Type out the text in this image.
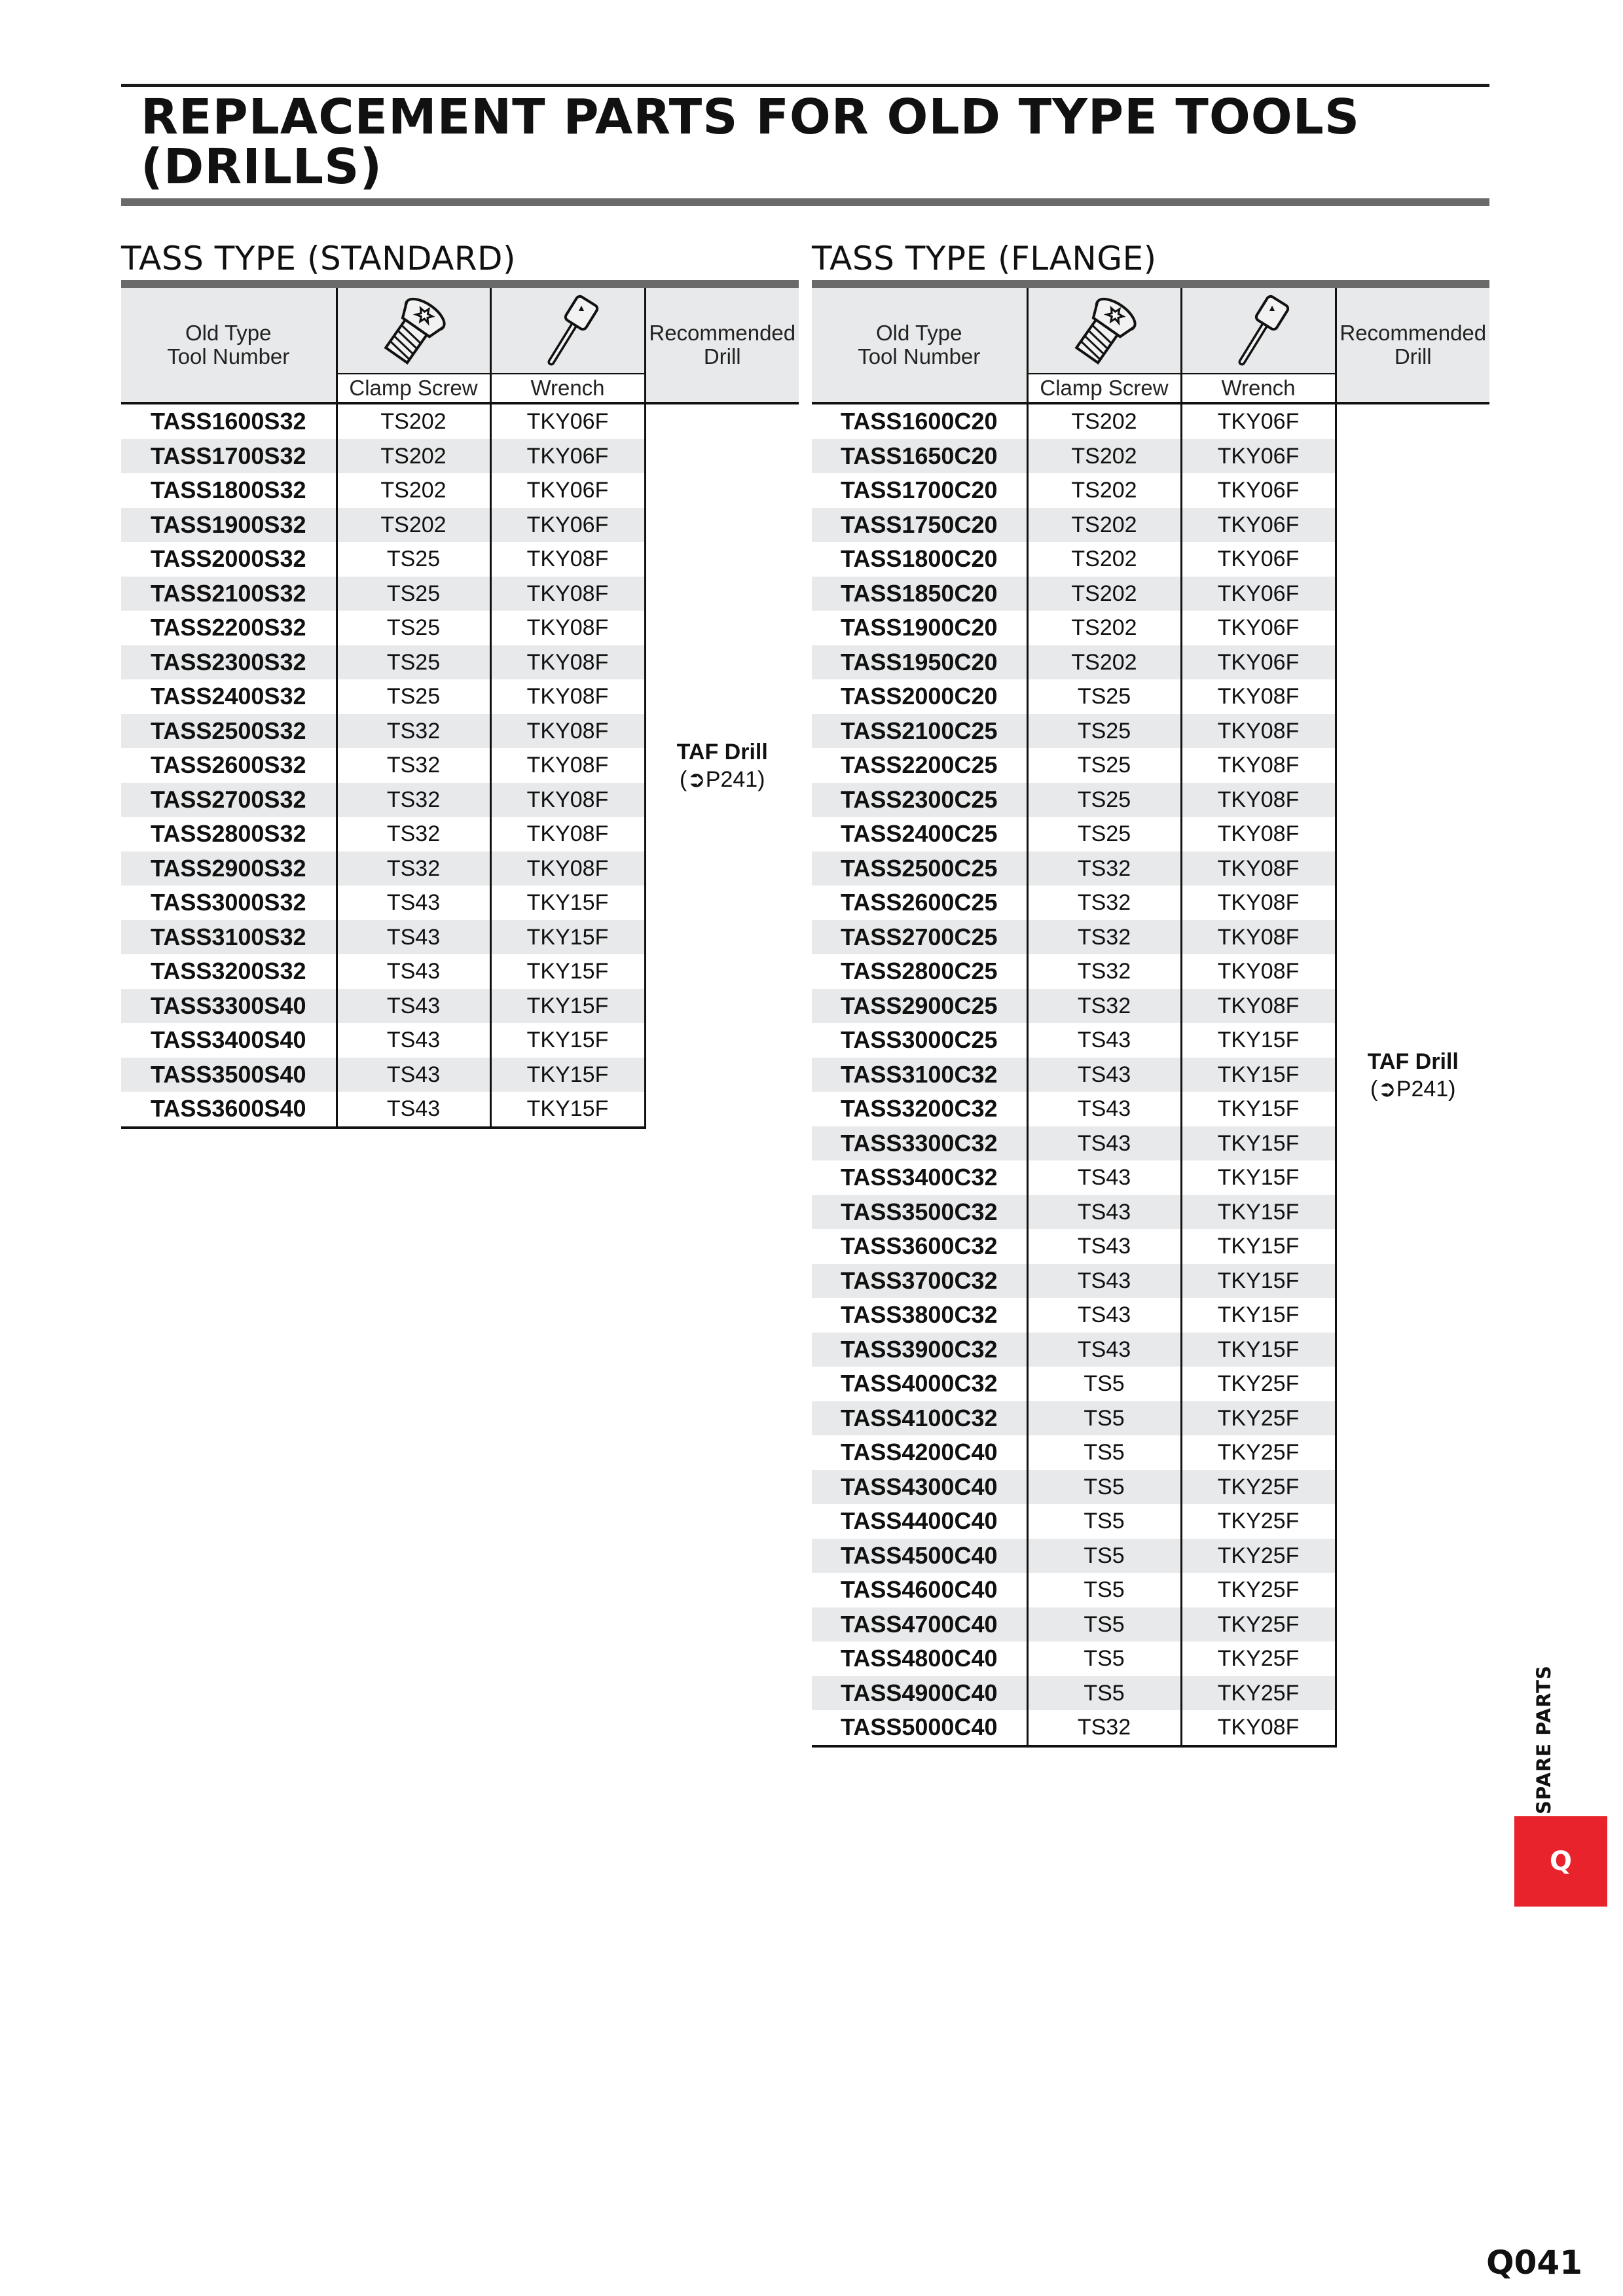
REPLACEMENT PARTS FOR OLD TYPE TOOLS
(DRILLS)
TASS TYPE (STANDARD)
Old Type
Tool Number			Recommended
Drill
	Clamp Screw	Wrench	
TASS1600S32	TS202	TKY06F	TAF Drill
(➲P241)
TASS1700S32	TS202	TKY06F	
TASS1800S32	TS202	TKY06F	
TASS1900S32	TS202	TKY06F	
TASS2000S32	TS25	TKY08F	
TASS2100S32	TS25	TKY08F	
TASS2200S32	TS25	TKY08F	
TASS2300S32	TS25	TKY08F	
TASS2400S32	TS25	TKY08F	
TASS2500S32	TS32	TKY08F	
TASS2600S32	TS32	TKY08F	
TASS2700S32	TS32	TKY08F	
TASS2800S32	TS32	TKY08F	
TASS2900S32	TS32	TKY08F	
TASS3000S32	TS43	TKY15F	
TASS3100S32	TS43	TKY15F	
TASS3200S32	TS43	TKY15F	
TASS3300S40	TS43	TKY15F	
TASS3400S40	TS43	TKY15F	
TASS3500S40	TS43	TKY15F	
TASS3600S40	TS43	TKY15F	
TASS TYPE (FLANGE)
Old Type
Tool Number			Recommended
Drill
	Clamp Screw	Wrench	
TASS1600C20	TS202	TKY06F	TAF Drill
(➲P241)
TASS1650C20	TS202	TKY06F	
TASS1700C20	TS202	TKY06F	
TASS1750C20	TS202	TKY06F	
TASS1800C20	TS202	TKY06F	
TASS1850C20	TS202	TKY06F	
TASS1900C20	TS202	TKY06F	
TASS1950C20	TS202	TKY06F	
TASS2000C20	TS25	TKY08F	
TASS2100C25	TS25	TKY08F	
TASS2200C25	TS25	TKY08F	
TASS2300C25	TS25	TKY08F	
TASS2400C25	TS25	TKY08F	
TASS2500C25	TS32	TKY08F	
TASS2600C25	TS32	TKY08F	
TASS2700C25	TS32	TKY08F	
TASS2800C25	TS32	TKY08F	
TASS2900C25	TS32	TKY08F	
TASS3000C25	TS43	TKY15F	
TASS3100C32	TS43	TKY15F	
TASS3200C32	TS43	TKY15F	
TASS3300C32	TS43	TKY15F	
TASS3400C32	TS43	TKY15F	
TASS3500C32	TS43	TKY15F	
TASS3600C32	TS43	TKY15F	
TASS3700C32	TS43	TKY15F	
TASS3800C32	TS43	TKY15F	
TASS3900C32	TS43	TKY15F	
TASS4000C32	TS5	TKY25F	
TASS4100C32	TS5	TKY25F	
TASS4200C40	TS5	TKY25F	
TASS4300C40	TS5	TKY25F	
TASS4400C40	TS5	TKY25F	
TASS4500C40	TS5	TKY25F	
TASS4600C40	TS5	TKY25F	
TASS4700C40	TS5	TKY25F	
TASS4800C40	TS5	TKY25F	
TASS4900C40	TS5	TKY25F	
TASS5000C40	TS32	TKY08F		SPARE PARTS
Q
Q041
